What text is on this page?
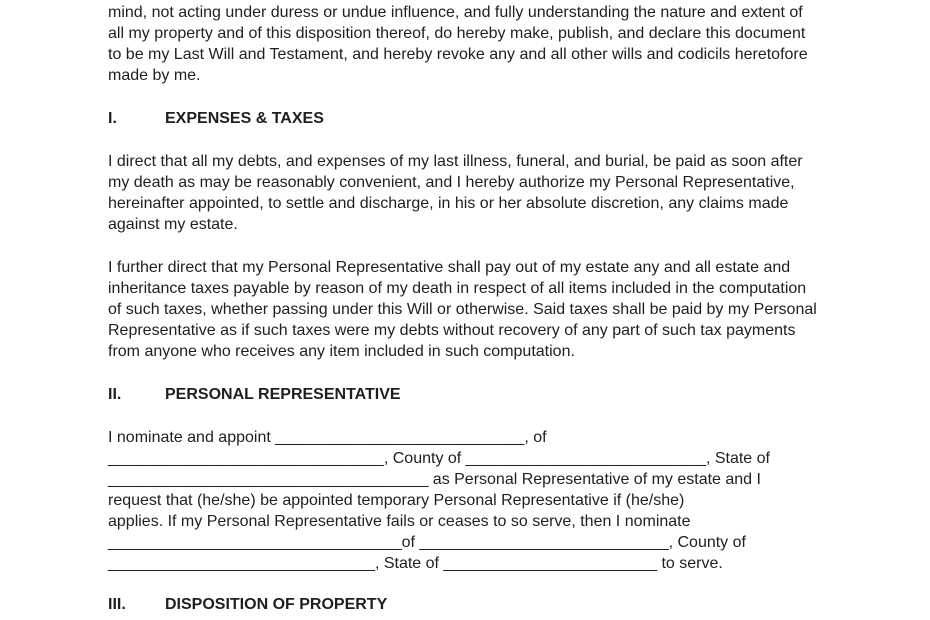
mind, not acting under duress or undue influence, and fully understanding the nature and extent of all my property and of this disposition thereof, do hereby make, publish, and declare this document to be my Last Will and Testament, and hereby revoke any and all other wills and codicils heretofore made by me.

I.	EXPENSES & TAXES

I direct that all my debts, and expenses of my last illness, funeral, and burial, be paid as soon after my death as may be reasonably convenient, and I hereby authorize my Personal Representative, hereinafter appointed, to settle and discharge, in his or her absolute discretion, any claims made against my estate.

I further direct that my Personal Representative shall pay out of my estate any and all estate and inheritance taxes payable by reason of my death in respect of all items included in the computation of such taxes, whether passing under this Will or otherwise. Said taxes shall be paid by my Personal Representative as if such taxes were my debts without recovery of any part of such tax payments from anyone who receives any item included in such computation.

II.	PERSONAL REPRESENTATIVE
I nominate and appoint ____________________________, of
_______________________________, County of ___________________________, State of
____________________________________ as Personal Representative of my estate and I
request that (he/she) be appointed temporary Personal Representative if (he/she)
applies. If my Personal Representative fails or ceases to so serve, then I nominate
_________________________________of ____________________________, County of
______________________________, State of ________________________ to serve.
III. DISPOSITION OF PROPERTY
